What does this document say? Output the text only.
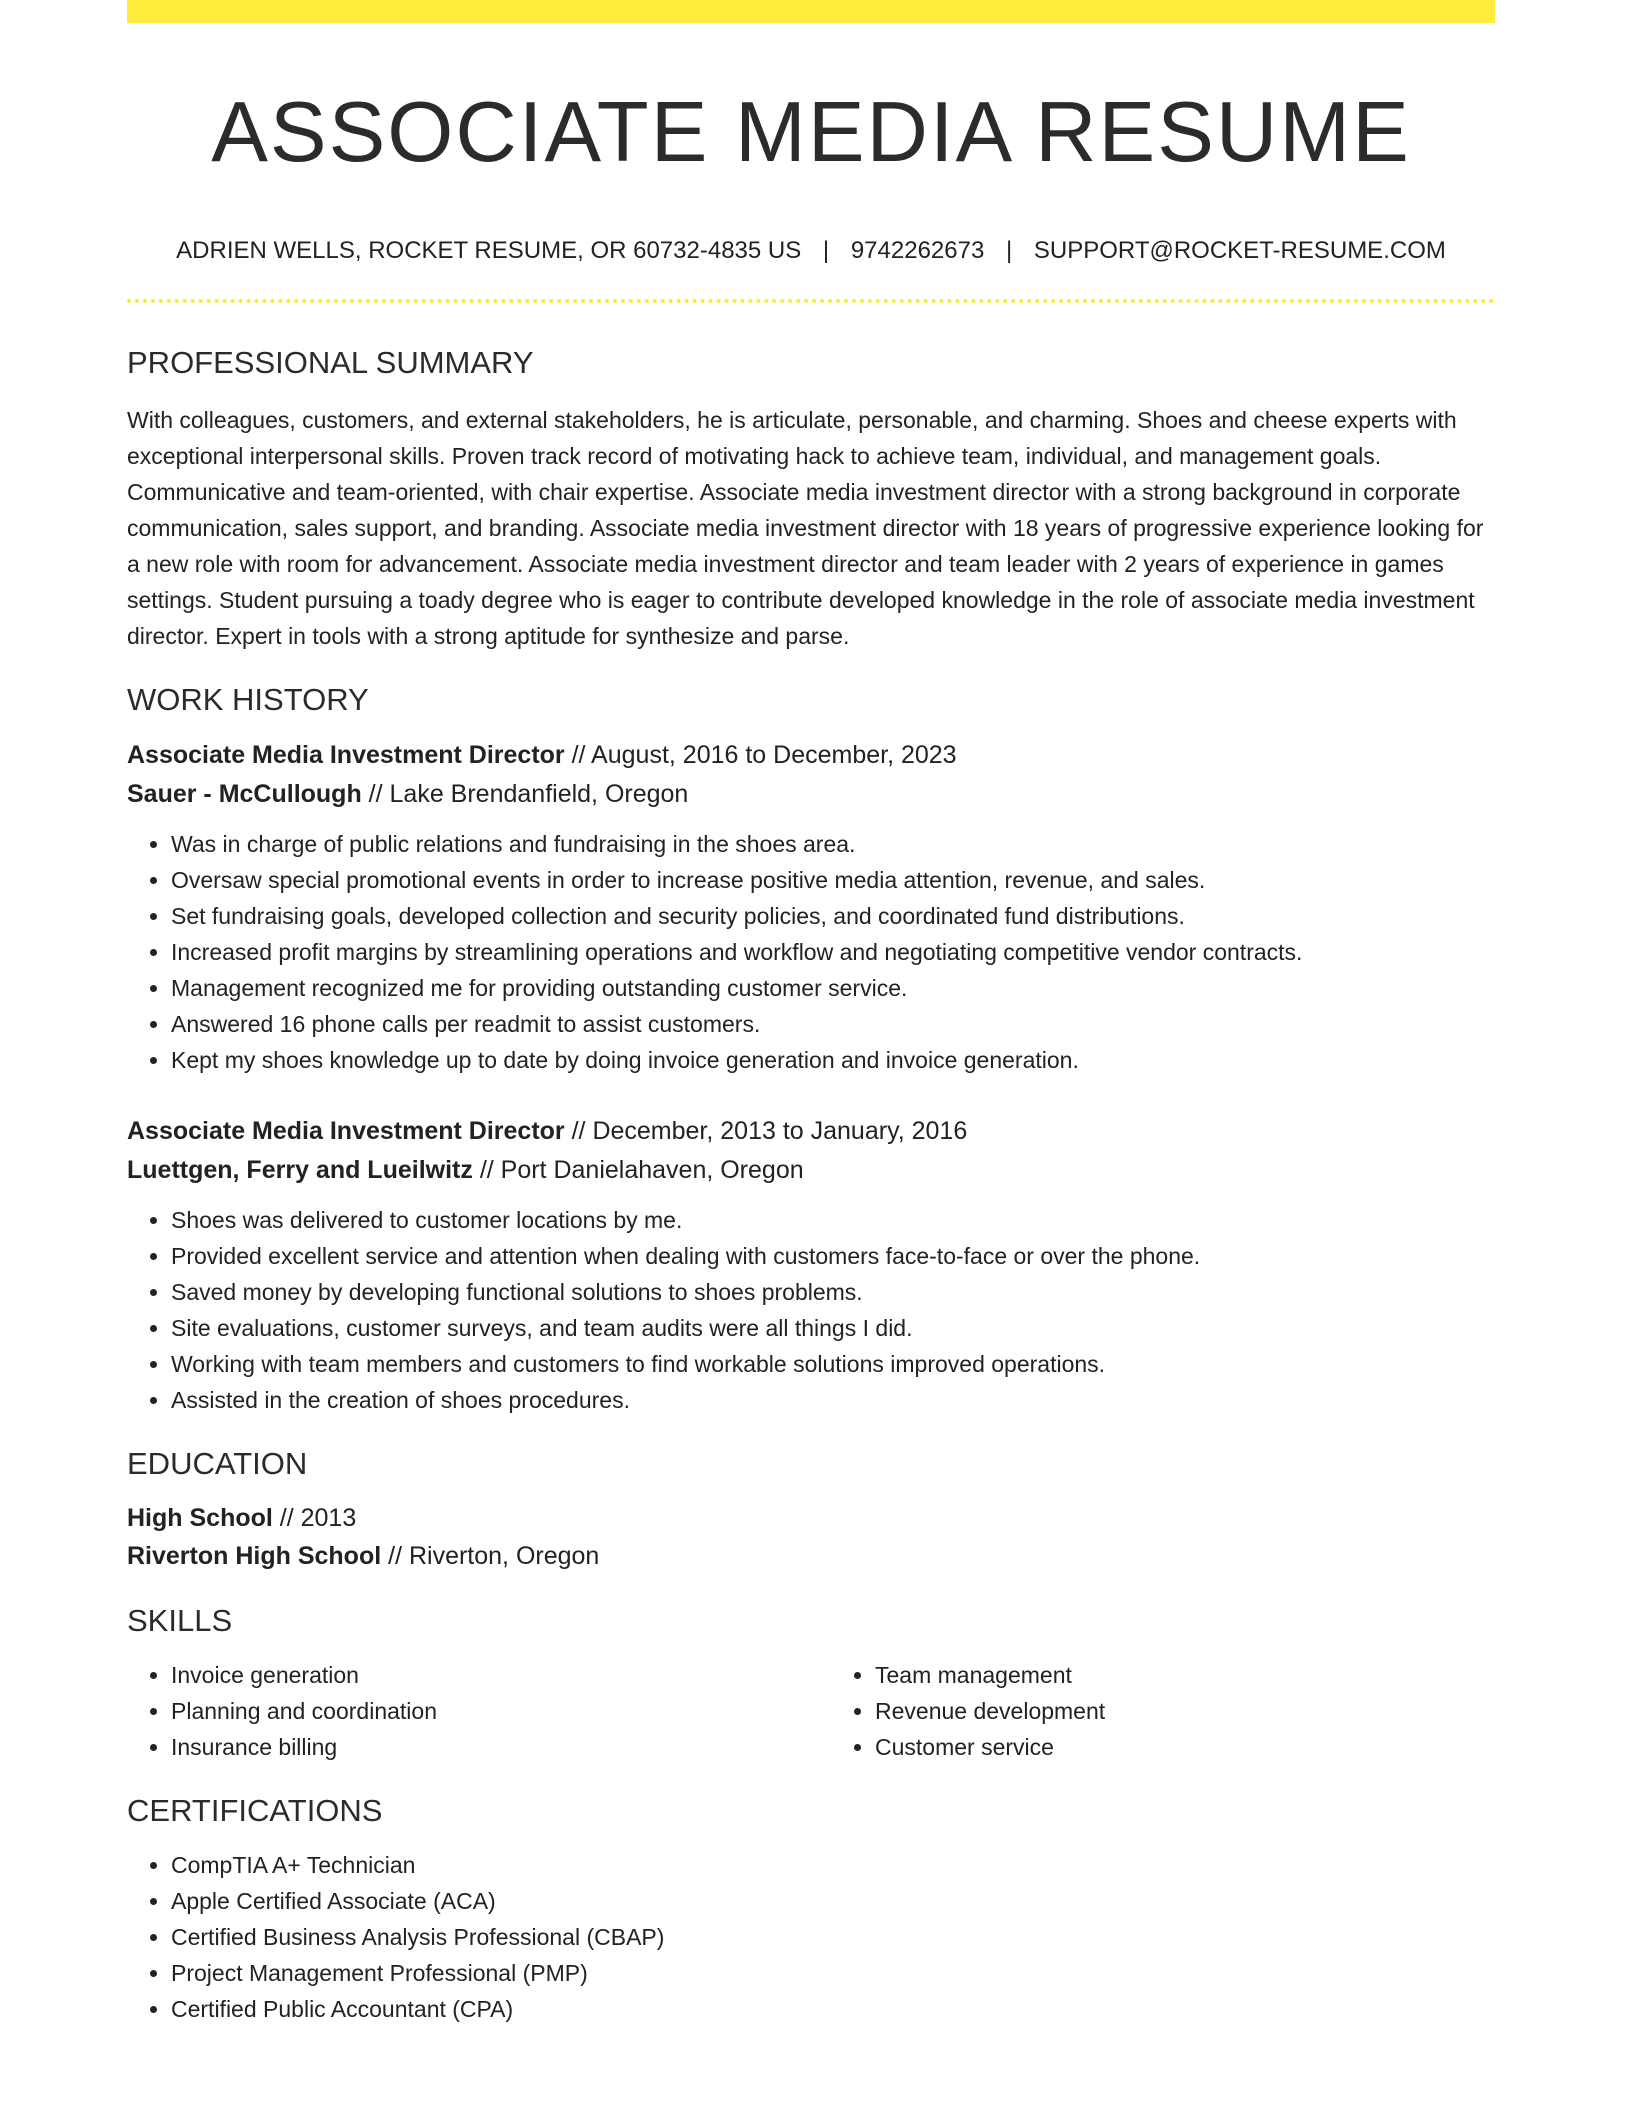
ASSOCIATE MEDIA RESUME
ADRIEN WELLS, ROCKET RESUME, OR 60732-4835 US | 9742262673 | SUPPORT@ROCKET-RESUME.COM
PROFESSIONAL SUMMARY

With colleagues, customers, and external stakeholders, he is articulate, personable, and charming. Shoes and cheese experts with exceptional interpersonal skills. Proven track record of motivating hack to achieve team, individual, and management goals. Communicative and team-oriented, with chair expertise. Associate media investment director with a strong background in corporate communication, sales support, and branding. Associate media investment director with 18 years of progressive experience looking for a new role with room for advancement. Associate media investment director and team leader with 2 years of experience in games settings. Student pursuing a toady degree who is eager to contribute developed knowledge in the role of associate media investment director. Expert in tools with a strong aptitude for synthesize and parse.

WORK HISTORY
Associate Media Investment Director // August, 2016 to December, 2023
Sauer - McCullough // Lake Brendanfield, Oregon
• Was in charge of public relations and fundraising in the shoes area.
• Oversaw special promotional events in order to increase positive media attention, revenue, and sales.
• Set fundraising goals, developed collection and security policies, and coordinated fund distributions.
• Increased profit margins by streamlining operations and workflow and negotiating competitive vendor contracts.
• Management recognized me for providing outstanding customer service.
• Answered 16 phone calls per readmit to assist customers.
• Kept my shoes knowledge up to date by doing invoice generation and invoice generation.
Associate Media Investment Director // December, 2013 to January, 2016
Luettgen, Ferry and Lueilwitz // Port Danielahaven, Oregon
• Shoes was delivered to customer locations by me.
• Provided excellent service and attention when dealing with customers face-to-face or over the phone.
• Saved money by developing functional solutions to shoes problems.
• Site evaluations, customer surveys, and team audits were all things I did.
• Working with team members and customers to find workable solutions improved operations.
• Assisted in the creation of shoes procedures.
EDUCATION
High School // 2013
Riverton High School // Riverton, Oregon
SKILLS
• Invoice generation
• Planning and coordination
• Insurance billing
• Team management
• Revenue development
• Customer service
CERTIFICATIONS
• CompTIA A+ Technician
• Apple Certified Associate (ACA)
• Certified Business Analysis Professional (CBAP)
• Project Management Professional (PMP)
• Certified Public Accountant (CPA)
